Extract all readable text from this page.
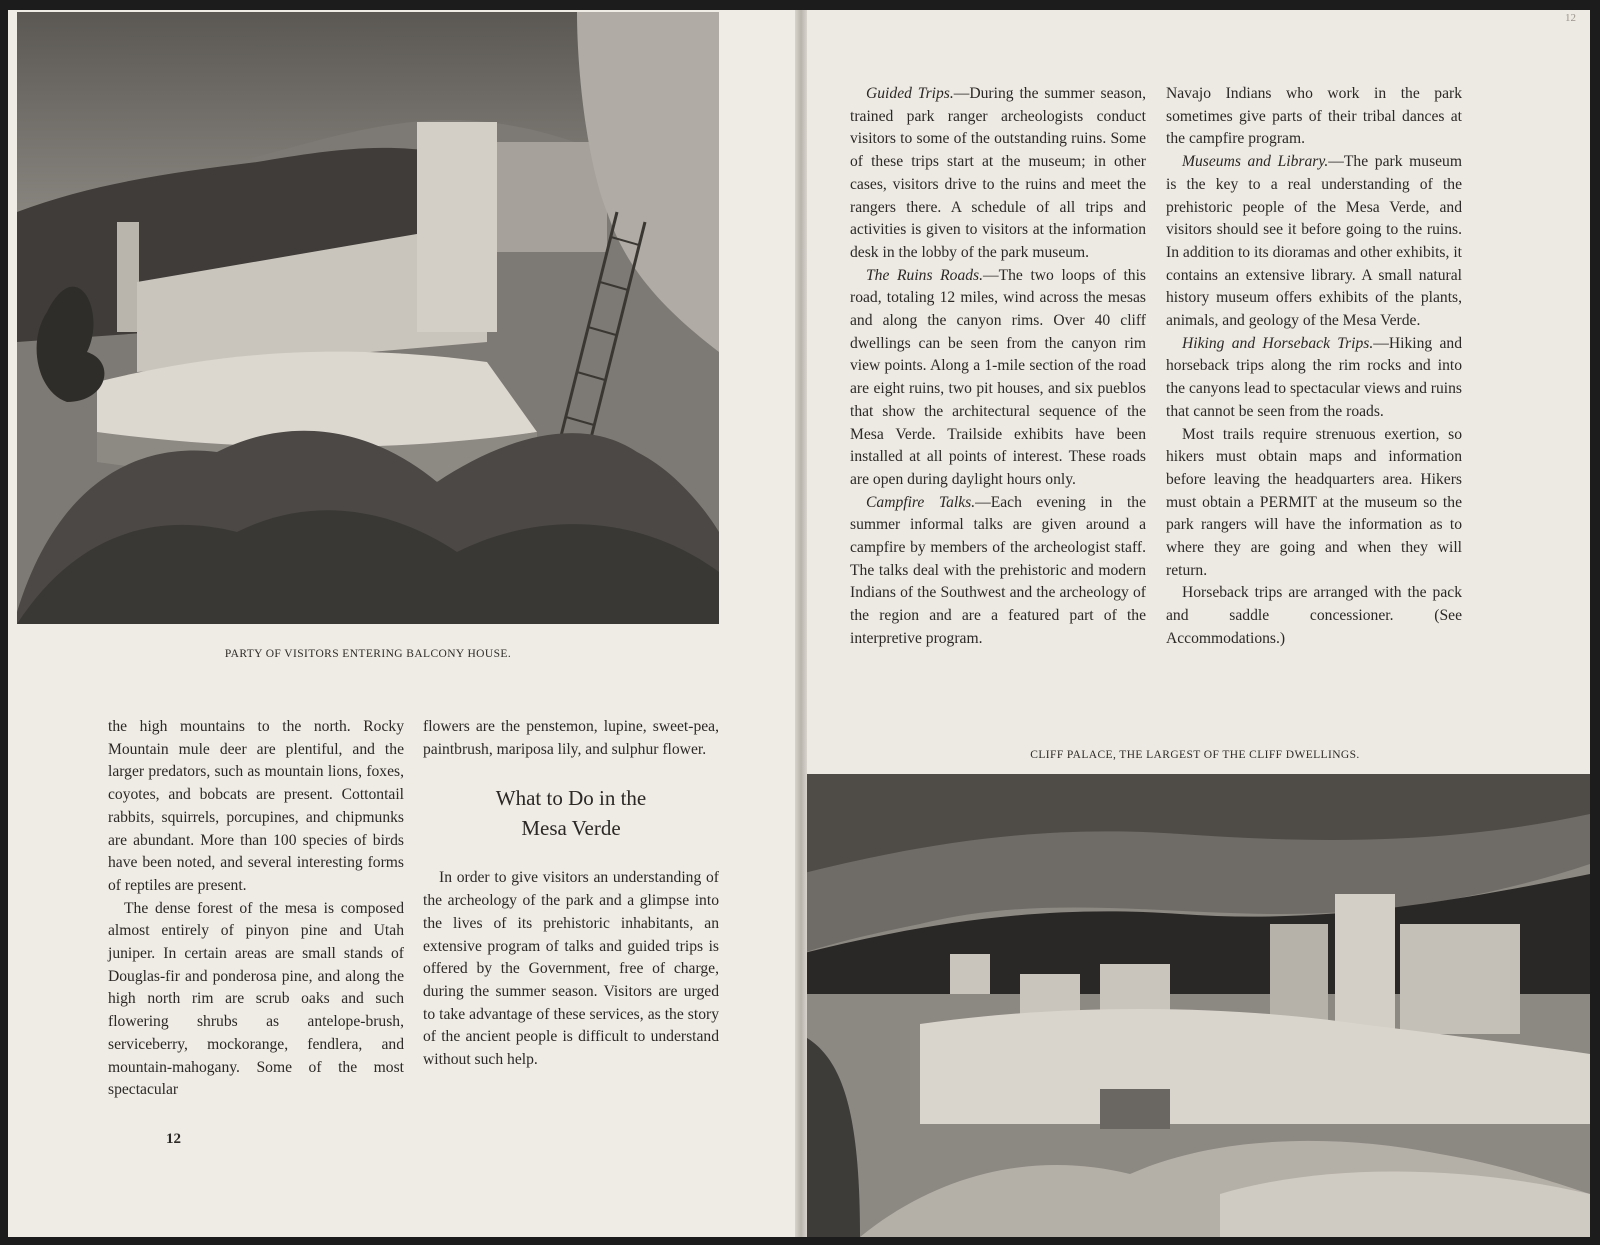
PARTY OF VISITORS ENTERING BALCONY HOUSE.

the high mountains to the north. Rocky Mountain mule deer are plentiful, and the larger predators, such as mountain lions, foxes, coyotes, and bobcats are present. Cottontail rabbits, squirrels, porcupines, and chipmunks are abundant. More than 100 species of birds have been noted, and several interesting forms of reptiles are present.

The dense forest of the mesa is composed almost entirely of pinyon pine and Utah juniper. In certain areas are small stands of Douglas-fir and ponderosa pine, and along the high north rim are scrub oaks and such flowering shrubs as antelope-brush, serviceberry, mockorange, fendlera, and mountain-mahogany. Some of the most spectacular

flowers are the penstemon, lupine, sweet-pea, paintbrush, mariposa lily, and sulphur flower.

What to Do in the
Mesa Verde

In order to give visitors an understanding of the archeology of the park and a glimpse into the lives of its prehistoric inhabitants, an extensive program of talks and guided trips is offered by the Government, free of charge, during the summer season. Visitors are urged to take advantage of these services, as the story of the ancient people is difficult to understand without such help.

12
12

Guided Trips.—During the summer season, trained park ranger archeologists conduct visitors to some of the outstanding ruins. Some of these trips start at the museum; in other cases, visitors drive to the ruins and meet the rangers there. A schedule of all trips and activities is given to visitors at the information desk in the lobby of the park museum.

The Ruins Roads.—The two loops of this road, totaling 12 miles, wind across the mesas and along the canyon rims. Over 40 cliff dwellings can be seen from the canyon rim view points. Along a 1-mile section of the road are eight ruins, two pit houses, and six pueblos that show the architectural sequence of the Mesa Verde. Trailside exhibits have been installed at all points of interest. These roads are open during daylight hours only.

Campfire Talks.—Each evening in the summer informal talks are given around a campfire by members of the archeologist staff. The talks deal with the prehistoric and modern Indians of the Southwest and the archeology of the region and are a featured part of the interpretive program.

Navajo Indians who work in the park sometimes give parts of their tribal dances at the campfire program.

Museums and Library.—The park museum is the key to a real understanding of the prehistoric people of the Mesa Verde, and visitors should see it before going to the ruins. In addition to its dioramas and other exhibits, it contains an extensive library. A small natural history museum offers exhibits of the plants, animals, and geology of the Mesa Verde.

Hiking and Horseback Trips.—Hiking and horseback trips along the rim rocks and into the canyons lead to spectacular views and ruins that cannot be seen from the roads.

Most trails require strenuous exertion, so hikers must obtain maps and information before leaving the headquarters area. Hikers must obtain a PERMIT at the museum so the park rangers will have the information as to where they are going and when they will return.

Horseback trips are arranged with the pack and saddle concessioner. (See Accommodations.)

CLIFF PALACE, THE LARGEST OF THE CLIFF DWELLINGS.
